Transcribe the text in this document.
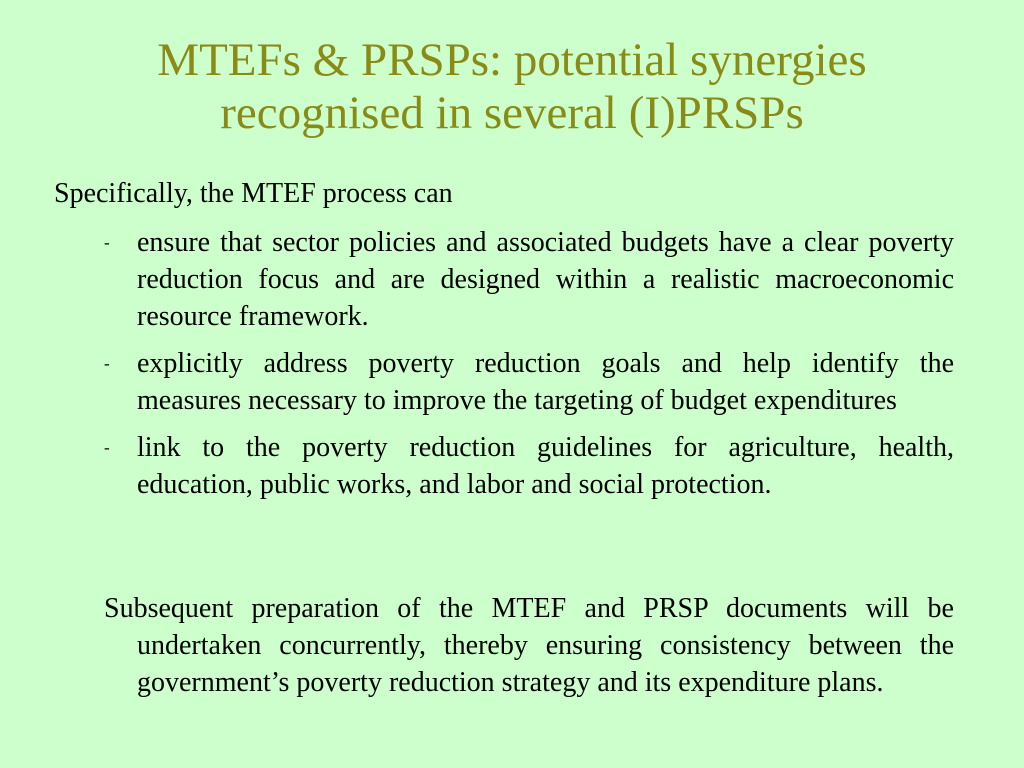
MTEFs & PRSPs: potential synergies
recognised in several (I)PRSPs

Specifically, the MTEF process can

- ensure that sector policies and associated budgets have a clear poverty reduction focus and are designed within a realistic macroeconomic resource framework.
- explicitly address poverty reduction goals and help identify the measures necessary to improve the targeting of budget expenditures
- link to the poverty reduction guidelines for agriculture, health, education, public works, and labor and social protection.

Subsequent preparation of the MTEF and PRSP documents will be undertaken concurrently, thereby ensuring consistency between the government’s poverty reduction strategy and its expenditure plans.
